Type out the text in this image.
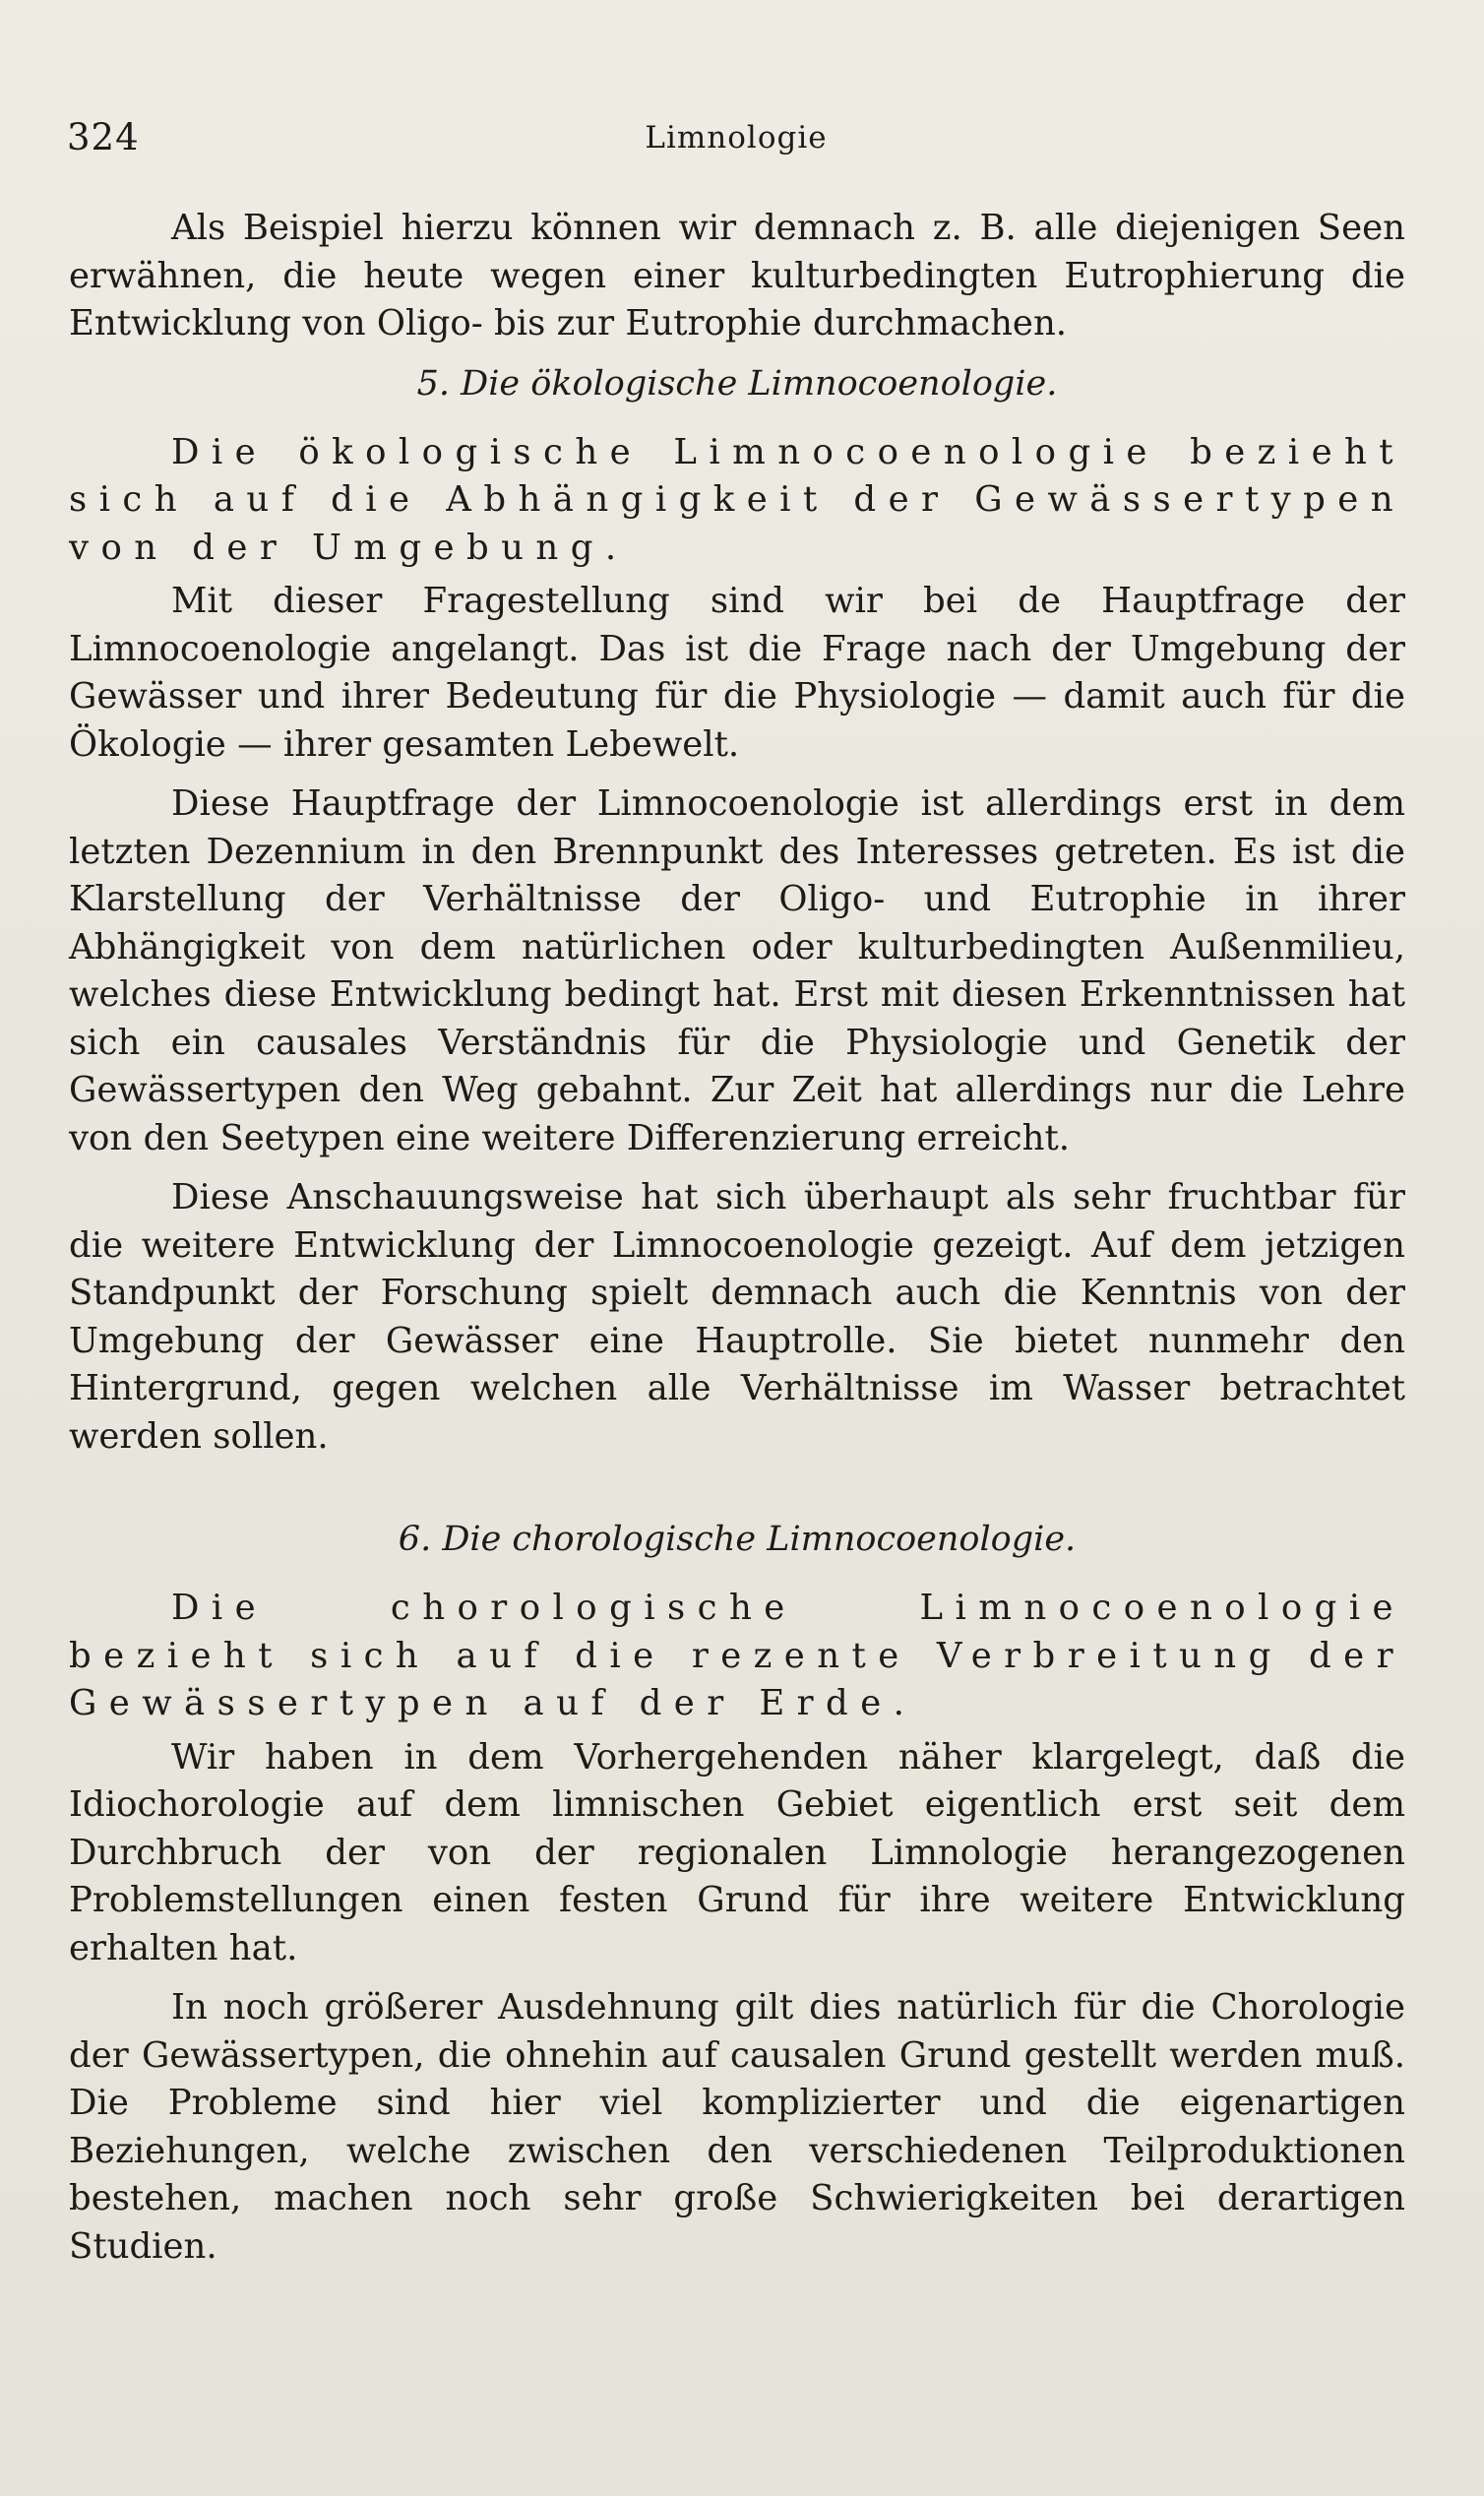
324	Limnologie

Als Beispiel hierzu können wir demnach z. B. alle diejenigen Seen erwähnen, die heute wegen einer kulturbedingten Eutrophierung die Entwicklung von Oligo- bis zur Eutrophie durchmachen.

5. Die ökologische Limnocoenologie.

Die ökologische Limnocoenologie bezieht sich auf die Abhängigkeit der Gewässertypen von der Umgebung.

Mit dieser Fragestellung sind wir bei de Hauptfrage der Limnocoenologie angelangt. Das ist die Frage nach der Umgebung der Gewässer und ihrer Bedeutung für die Physiologie — damit auch für die Ökologie — ihrer gesamten Lebewelt.

Diese Hauptfrage der Limnocoenologie ist allerdings erst in dem letzten Dezennium in den Brennpunkt des Interesses getreten. Es ist die Klarstellung der Verhältnisse der Oligo- und Eutrophie in ihrer Abhängigkeit von dem natürlichen oder kulturbedingten Außenmilieu, welches diese Entwicklung bedingt hat. Erst mit diesen Erkenntnissen hat sich ein causales Verständnis für die Physiologie und Genetik der Gewässertypen den Weg gebahnt. Zur Zeit hat allerdings nur die Lehre von den Seetypen eine weitere Differenzierung erreicht.

Diese Anschauungsweise hat sich überhaupt als sehr fruchtbar für die weitere Entwicklung der Limnocoenologie gezeigt. Auf dem jetzigen Standpunkt der Forschung spielt demnach auch die Kenntnis von der Umgebung der Gewässer eine Hauptrolle. Sie bietet nunmehr den Hintergrund, gegen welchen alle Verhältnisse im Wasser betrachtet werden sollen.

6. Die chorologische Limnocoenologie.

Die chorologische Limnocoenologie bezieht sich auf die rezente Verbreitung der Gewässertypen auf der Erde.

Wir haben in dem Vorhergehenden näher klargelegt, daß die Idiochorologie auf dem limnischen Gebiet eigentlich erst seit dem Durchbruch der von der regionalen Limnologie herangezogenen Problemstellungen einen festen Grund für ihre weitere Entwicklung erhalten hat.

In noch größerer Ausdehnung gilt dies natürlich für die Chorologie der Gewässertypen, die ohnehin auf causalen Grund gestellt werden muß. Die Probleme sind hier viel komplizierter und die eigenartigen Beziehungen, welche zwischen den verschiedenen Teilproduktionen bestehen, machen noch sehr große Schwierigkeiten bei derartigen Studien.
